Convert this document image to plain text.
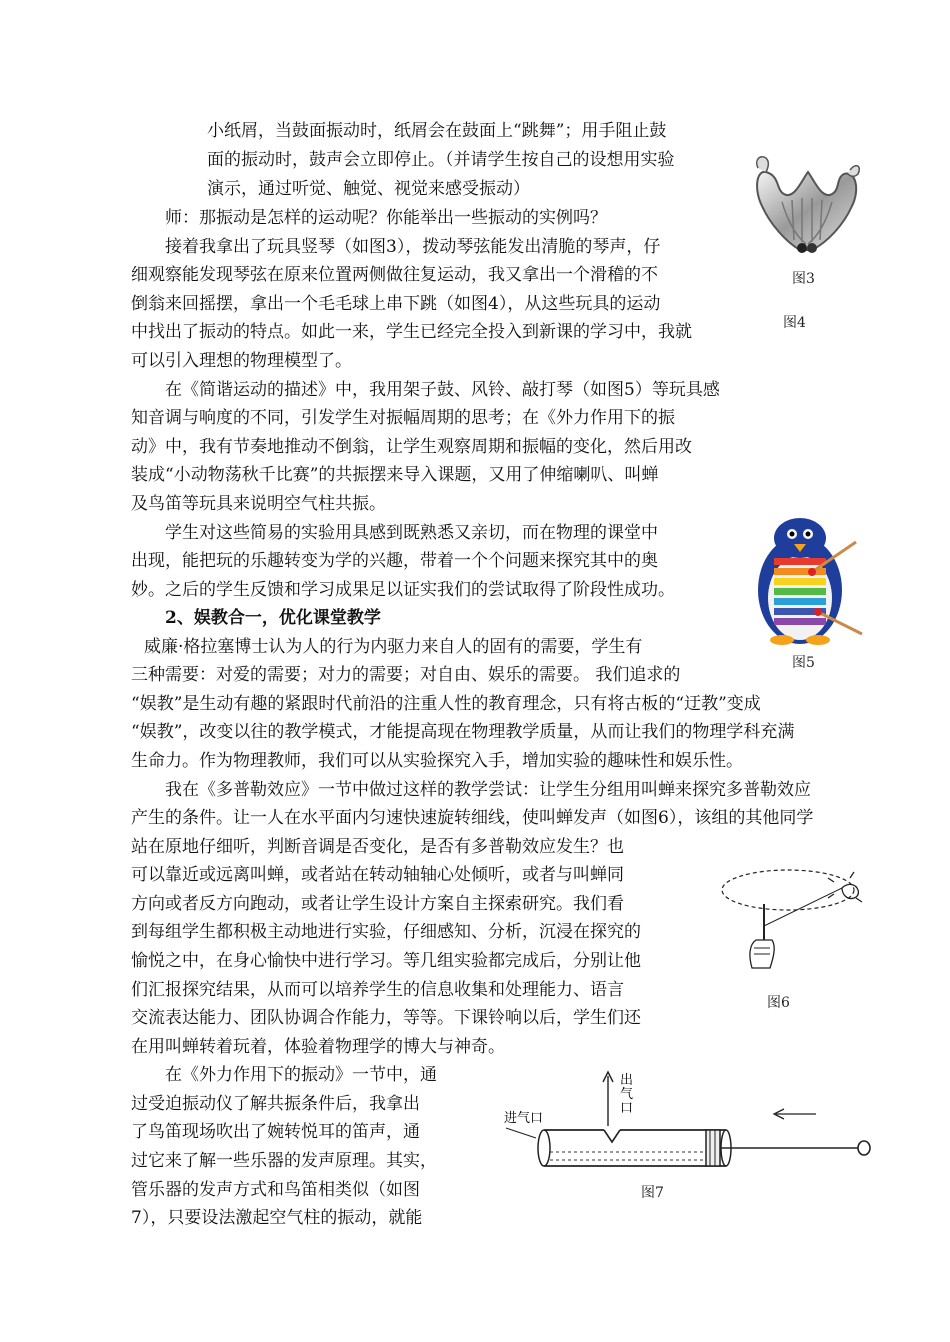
小纸屑，当鼓面振动时，纸屑会在鼓面上“跳舞”；用手阻止鼓
面的振动时，鼓声会立即停止。（并请学生按自己的设想用实验
演示，通过听觉、触觉、视觉来感受振动）
师：那振动是怎样的运动呢？你能举出一些振动的实例吗？
接着我拿出了玩具竖琴（如图3），拨动琴弦能发出清脆的琴声，仔
细观察能发现琴弦在原来位置两侧做往复运动，我又拿出一个滑稽的不
倒翁来回摇摆，拿出一个毛毛球上串下跳（如图4），从这些玩具的运动
中找出了振动的特点。如此一来，学生已经完全投入到新课的学习中，我就
可以引入理想的物理模型了。
在《简谐运动的描述》中，我用架子鼓、风铃、敲打琴（如图5）等玩具感
知音调与响度的不同，引发学生对振幅周期的思考；在《外力作用下的振
动》中，我有节奏地推动不倒翁，让学生观察周期和振幅的变化，然后用改
装成“小动物荡秋千比赛”的共振摆来导入课题，又用了伸缩喇叭、叫蝉
及鸟笛等玩具来说明空气柱共振。
学生对这些简易的实验用具感到既熟悉又亲切，而在物理的课堂中
出现，能把玩的乐趣转变为学的兴趣，带着一个个问题来探究其中的奥
妙。之后的学生反馈和学习成果足以证实我们的尝试取得了阶段性成功。
2、娱教合一，优化课堂教学
威廉·格拉塞博士认为人的行为内驱力来自人的固有的需要，学生有
三种需要：对爱的需要；对力的需要；对自由、娱乐的需要。 我们追求的
“娱教”是生动有趣的紧跟时代前沿的注重人性的教育理念，只有将古板的“迂教”变成
“娱教”，改变以往的教学模式，才能提高现在物理教学质量，从而让我们的物理学科充满
生命力。作为物理教师，我们可以从实验探究入手，增加实验的趣味性和娱乐性。
我在《多普勒效应》一节中做过这样的教学尝试：让学生分组用叫蝉来探究多普勒效应
产生的条件。让一人在水平面内匀速快速旋转细线，使叫蝉发声（如图6），该组的其他同学
站在原地仔细听，判断音调是否变化，是否有多普勒效应发生？也
可以靠近或远离叫蝉，或者站在转动轴轴心处倾听，或者与叫蝉同
方向或者反方向跑动，或者让学生设计方案自主探索研究。我们看
到每组学生都积极主动地进行实验，仔细感知、分析，沉浸在探究的
愉悦之中，在身心愉快中进行学习。等几组实验都完成后，分别让他
们汇报探究结果，从而可以培养学生的信息收集和处理能力、语言
交流表达能力、团队协调合作能力，等等。下课铃响以后，学生们还
在用叫蝉转着玩着，体验着物理学的博大与神奇。
在《外力作用下的振动》一节中，通
过受迫振动仪了解共振条件后，我拿出
了鸟笛现场吹出了婉转悦耳的笛声，通
过它来了解一些乐器的发声原理。其实，
管乐器的发声方式和鸟笛相类似（如图
7），只要设法激起空气柱的振动，就能
图3
图4
图5
图6
出
气
口
进气口
图7
